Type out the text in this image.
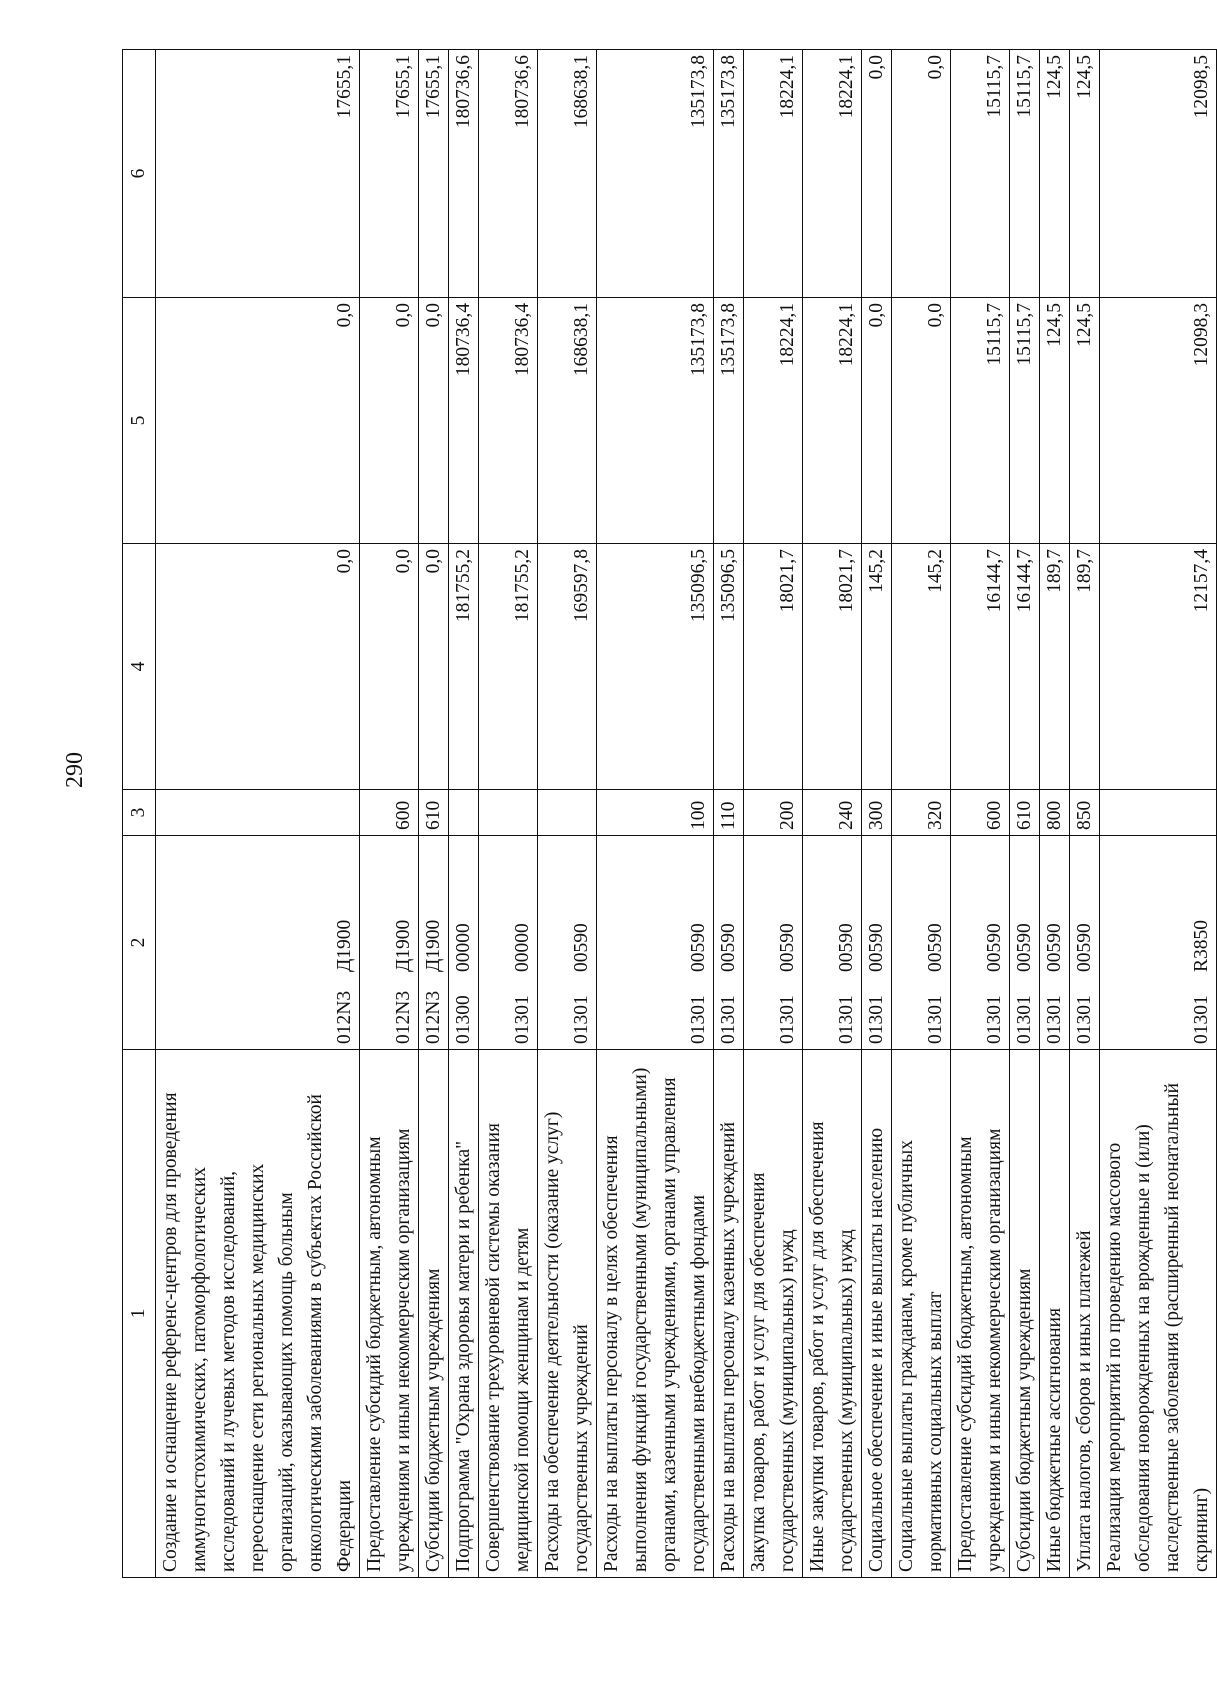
290
1	2	3	4	5	6
Создание и оснащение референс-центров для проведения иммуногистохимических, патоморфологических исследований и лучевых методов исследований, переоснащение сети региональных медицинских организаций, оказывающих помощь больным онкологическими заболеваниями в субъектах Российской Федерации	012N3Д1900		0,0	0,0	17655,1
Предоставление субсидий бюджетным, автономным учреждениям и иным некоммерческим организациям	012N3Д1900	600	0,0	0,0	17655,1
Субсидии бюджетным учреждениям	012N3Д1900	610	0,0	0,0	17655,1
Подпрограмма "Охрана здоровья матери и ребенка"	0130000000		181755,2	180736,4	180736,6
Совершенствование трехуровневой системы оказания медицинской помощи женщинам и детям	0130100000		181755,2	180736,4	180736,6
Расходы на обеспечение деятельности (оказание услуг) государственных учреждений	0130100590		169597,8	168638,1	168638,1
Расходы на выплаты персоналу в целях обеспечения выполнения функций государственными (муниципальными) органами, казенными учреждениями, органами управления государственными внебюджетными фондами	0130100590	100	135096,5	135173,8	135173,8
Расходы на выплаты персоналу казенных учреждений	0130100590	110	135096,5	135173,8	135173,8
Закупка товаров, работ и услуг для обеспечения государственных (муниципальных) нужд	0130100590	200	18021,7	18224,1	18224,1
Иные закупки товаров, работ и услуг для обеспечения государственных (муниципальных) нужд	0130100590	240	18021,7	18224,1	18224,1
Социальное обеспечение и иные выплаты населению	0130100590	300	145,2	0,0	0,0
Социальные выплаты гражданам, кроме публичных нормативных социальных выплат	0130100590	320	145,2	0,0	0,0
Предоставление субсидий бюджетным, автономным учреждениям и иным некоммерческим организациям	0130100590	600	16144,7	15115,7	15115,7
Субсидии бюджетным учреждениям	0130100590	610	16144,7	15115,7	15115,7
Иные бюджетные ассигнования	0130100590	800	189,7	124,5	124,5
Уплата налогов, сборов и иных платежей	0130100590	850	189,7	124,5	124,5
Реализация мероприятий по проведению массового обследования новорожденных на врожденные и (или) наследственные заболевания (расширенный неонатальный скрининг)	01301R3850		12157,4	12098,3	12098,5
